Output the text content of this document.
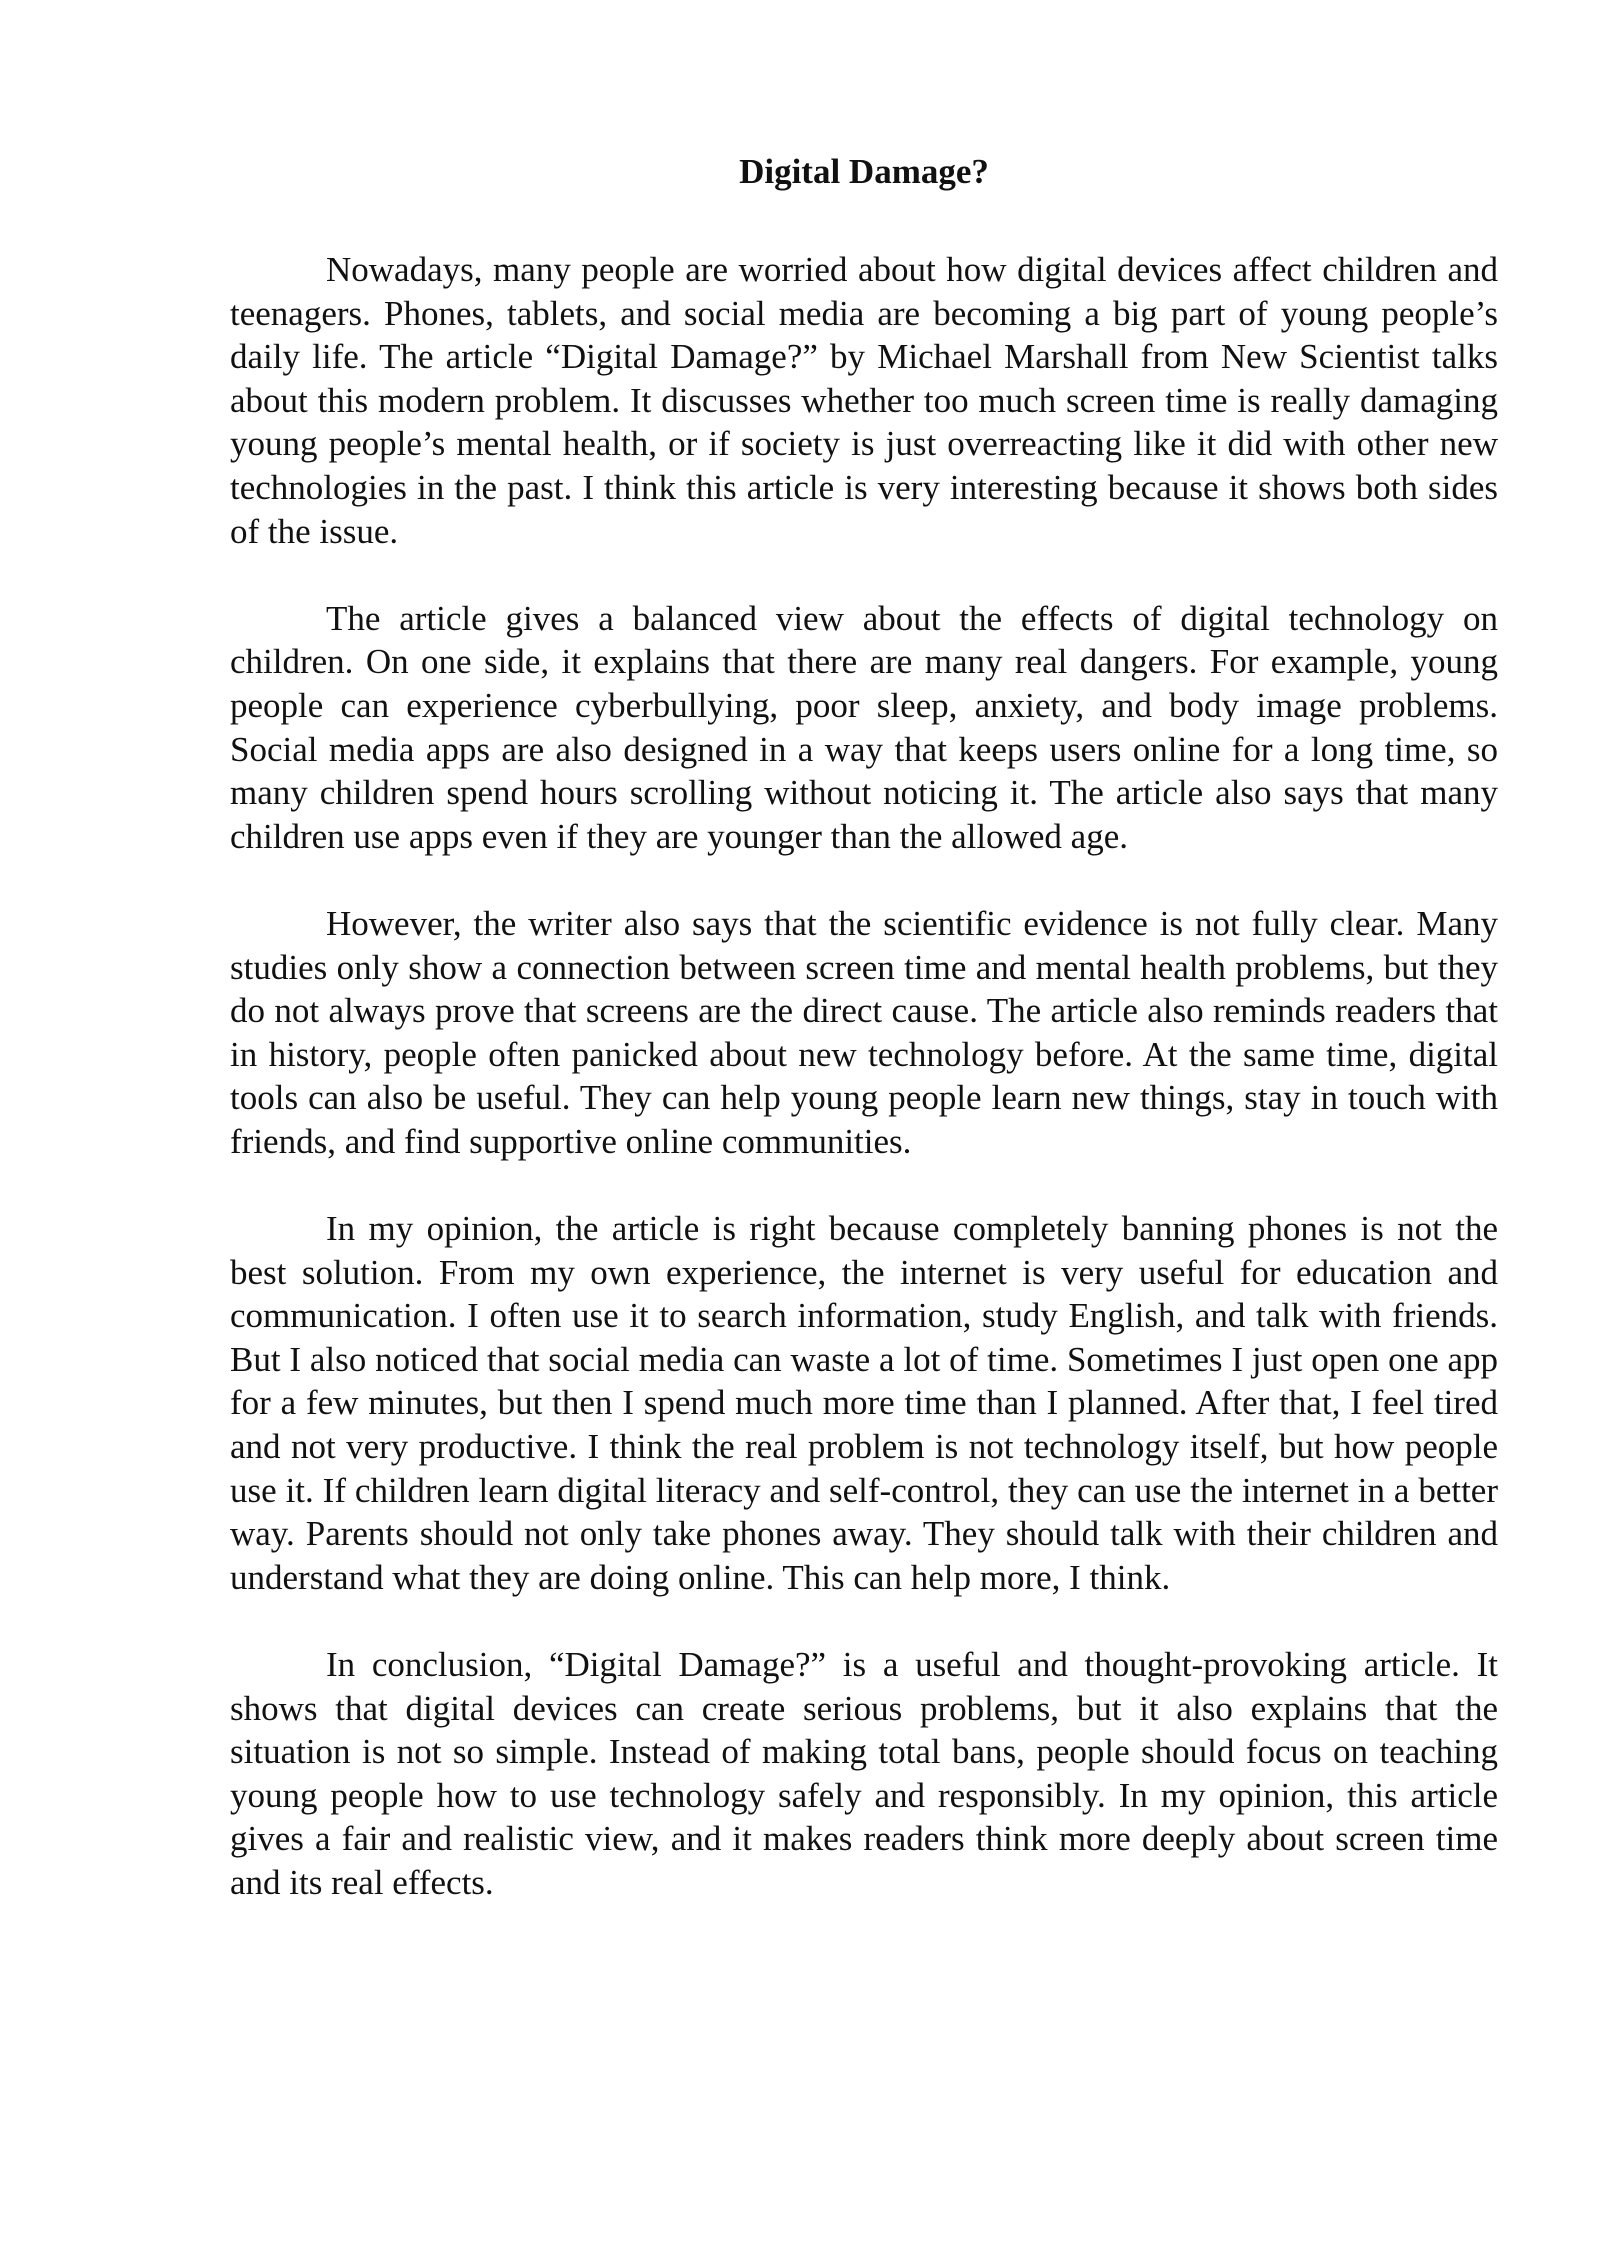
Digital Damage?

Nowadays, many people are worried about how digital devices affect children and teenagers. Phones, tablets, and social media are becoming a big part of young people’s daily life. The article “Digital Damage?” by Michael Marshall from New Scientist talks about this modern problem. It discusses whether too much screen time is really damaging young people’s mental health, or if society is just overreacting like it did with other new technologies in the past. I think this article is very interesting because it shows both sides of the issue.

The article gives a balanced view about the effects of digital technology on children. On one side, it explains that there are many real dangers. For example, young people can experience cyberbullying, poor sleep, anxiety, and body image problems. Social media apps are also designed in a way that keeps users online for a long time, so many children spend hours scrolling without noticing it. The article also says that many children use apps even if they are younger than the allowed age.

However, the writer also says that the scientific evidence is not fully clear. Many studies only show a connection between screen time and mental health problems, but they do not always prove that screens are the direct cause. The article also reminds readers that in history, people often panicked about new technology before. At the same time, digital tools can also be useful. They can help young people learn new things, stay in touch with friends, and find supportive online communities.

In my opinion, the article is right because completely banning phones is not the best solution. From my own experience, the internet is very useful for education and communication. I often use it to search information, study English, and talk with friends. But I also noticed that social media can waste a lot of time. Sometimes I just open one app for a few minutes, but then I spend much more time than I planned. After that, I feel tired and not very productive. I think the real problem is not technology itself, but how people use it. If children learn digital literacy and self-control, they can use the internet in a better way. Parents should not only take phones away. They should talk with their children and understand what they are doing online. This can help more, I think.

In conclusion, “Digital Damage?” is a useful and thought-provoking article. It shows that digital devices can create serious problems, but it also explains that the situation is not so simple. Instead of making total bans, people should focus on teaching young people how to use technology safely and responsibly. In my opinion, this article gives a fair and realistic view, and it makes readers think more deeply about screen time and its real effects.
